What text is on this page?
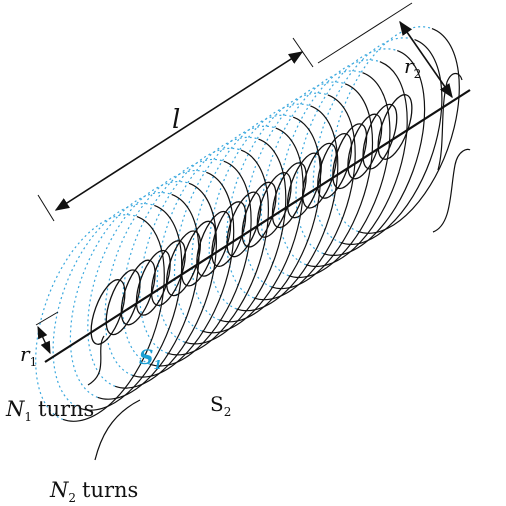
l
$r_2$
$r_1$	$S_1$
$S_2$
$N_1$ turns
$N_2$ turns
